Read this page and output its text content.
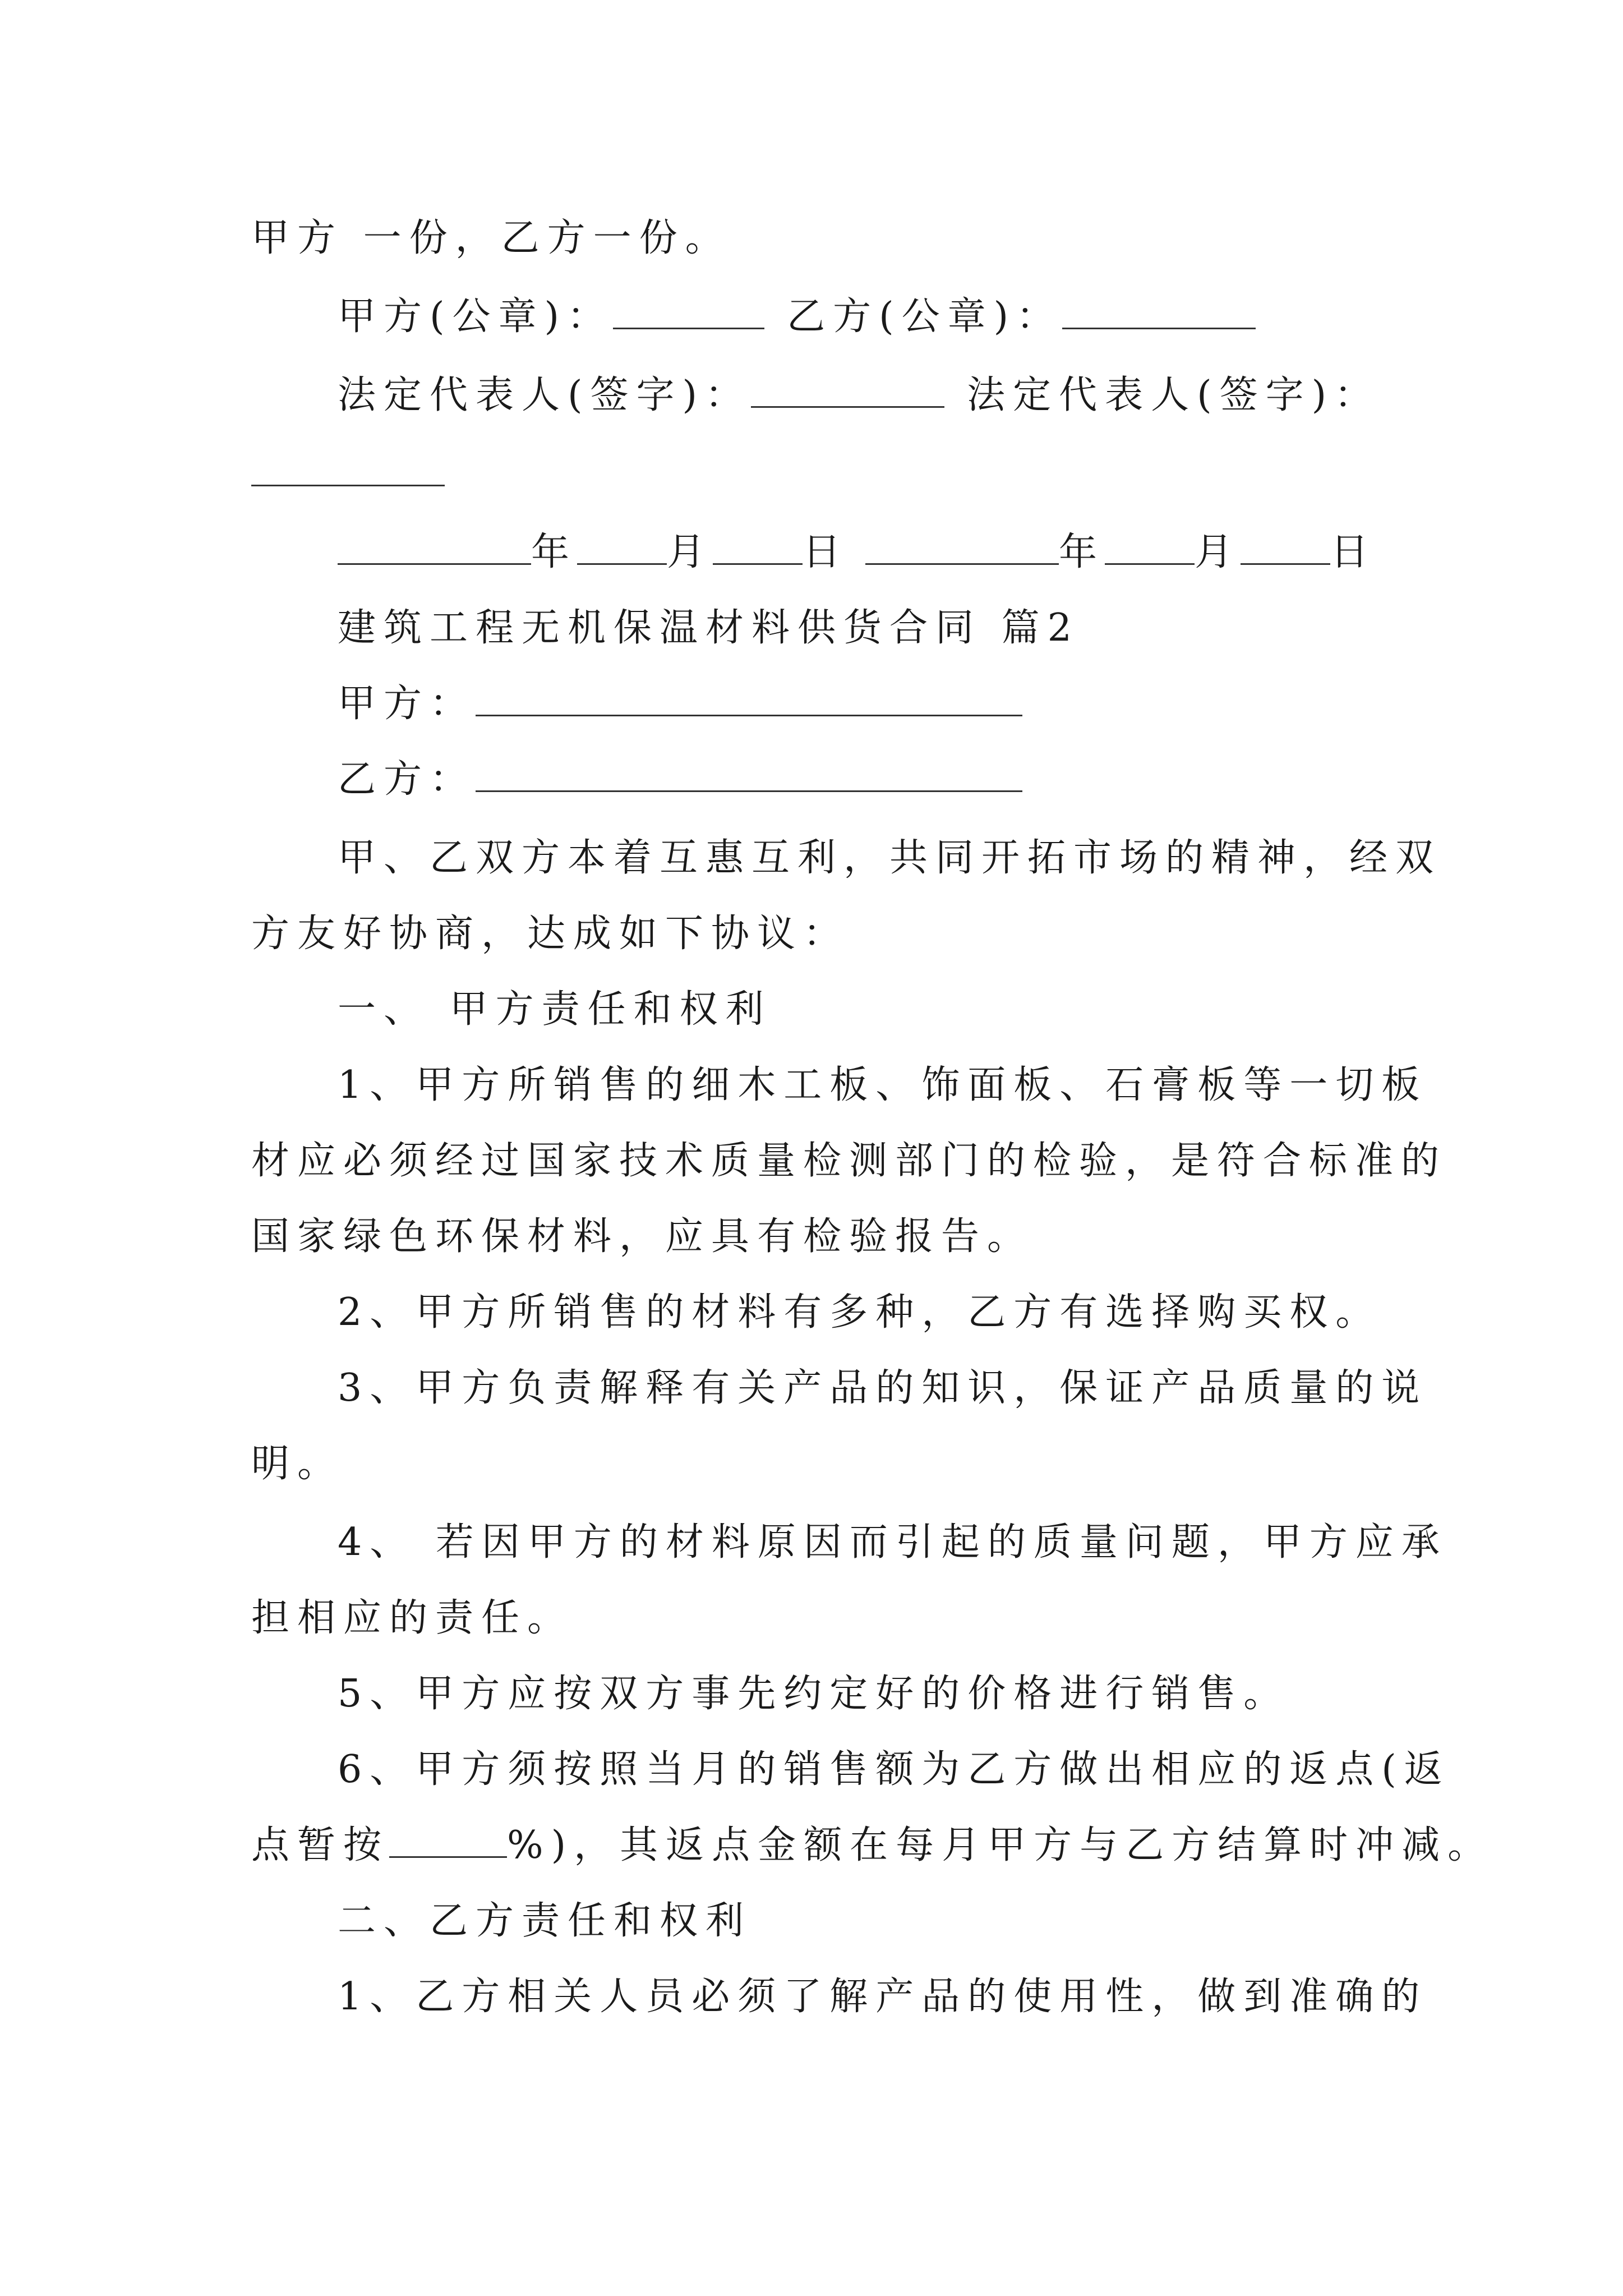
甲方 一份，乙方一份。
甲方(公章)：	乙方(公章)：
法定代表人(签字)：	法定代表人(签字)：
年 月 日	年 月 日
建筑工程无机保温材料供货合同 篇2
甲方：
乙方：
甲、乙双方本着互惠互利，共同开拓市场的精神，经双
方友好协商，达成如下协议：
一、 甲方责任和权利
1、甲方所销售的细木工板、饰面板、石膏板等一切板
材应必须经过国家技术质量检测部门的检验，是符合标准的
国家绿色环保材料，应具有检验报告。
2、甲方所销售的材料有多种，乙方有选择购买权。
3、甲方负责解释有关产品的知识，保证产品质量的说
明。
4、 若因甲方的材料原因而引起的质量问题，甲方应承
担相应的责任。
5、甲方应按双方事先约定好的价格进行销售。
6、甲方须按照当月的销售额为乙方做出相应的返点(返
点暂按	%)，其返点金额在每月甲方与乙方结算时冲减。
二、乙方责任和权利
1、乙方相关人员必须了解产品的使用性，做到准确的
